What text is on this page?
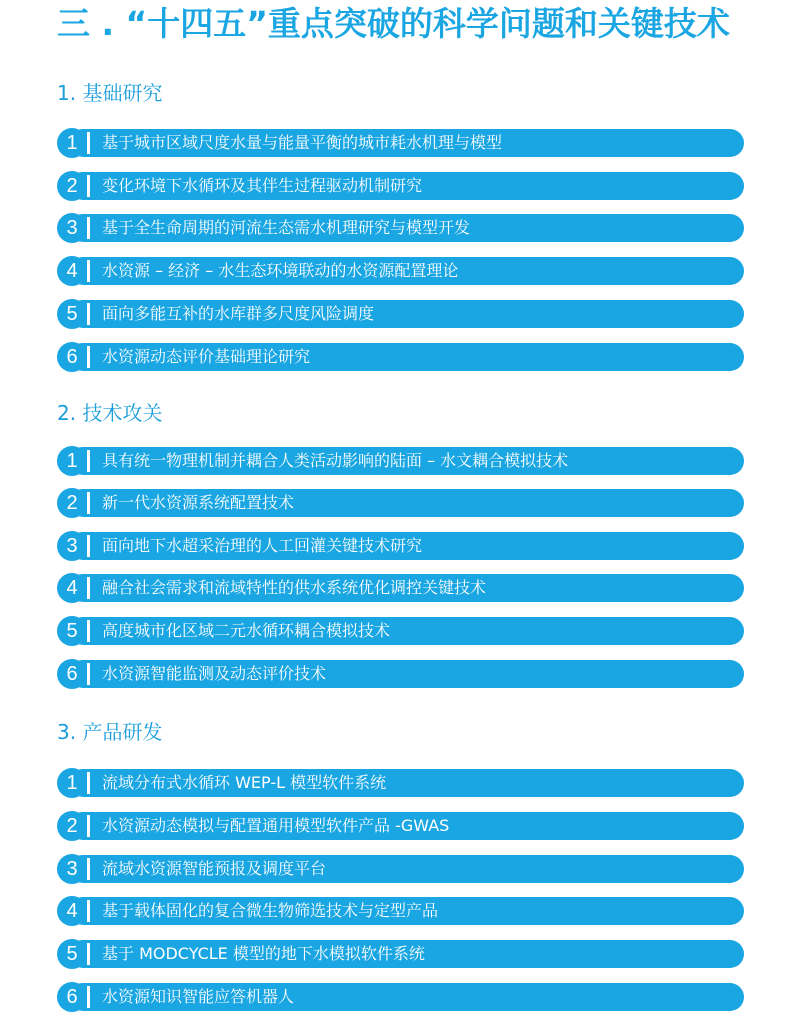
三 . “十四五”重点突破的科学问题和关键技术
1. 基础研究
1	基于城市区域尺度水量与能量平衡的城市耗水机理与模型
2	变化环境下水循环及其伴生过程驱动机制研究
3	基于全生命周期的河流生态需水机理研究与模型开发
4	水资源 – 经济 – 水生态环境联动的水资源配置理论
5	面向多能互补的水库群多尺度风险调度
6	水资源动态评价基础理论研究
2. 技术攻关
1	具有统一物理机制并耦合人类活动影响的陆面 – 水文耦合模拟技术
2	新一代水资源系统配置技术
3	面向地下水超采治理的人工回灌关键技术研究
4	融合社会需求和流域特性的供水系统优化调控关键技术
5	高度城市化区域二元水循环耦合模拟技术
6	水资源智能监测及动态评价技术
3. 产品研发
1	流域分布式水循环 WEP-L 模型软件系统
2	水资源动态模拟与配置通用模型软件产品 -GWAS
3	流域水资源智能预报及调度平台
4	基于载体固化的复合微生物筛选技术与定型产品
5	基于 MODCYCLE 模型的地下水模拟软件系统
6	水资源知识智能应答机器人
